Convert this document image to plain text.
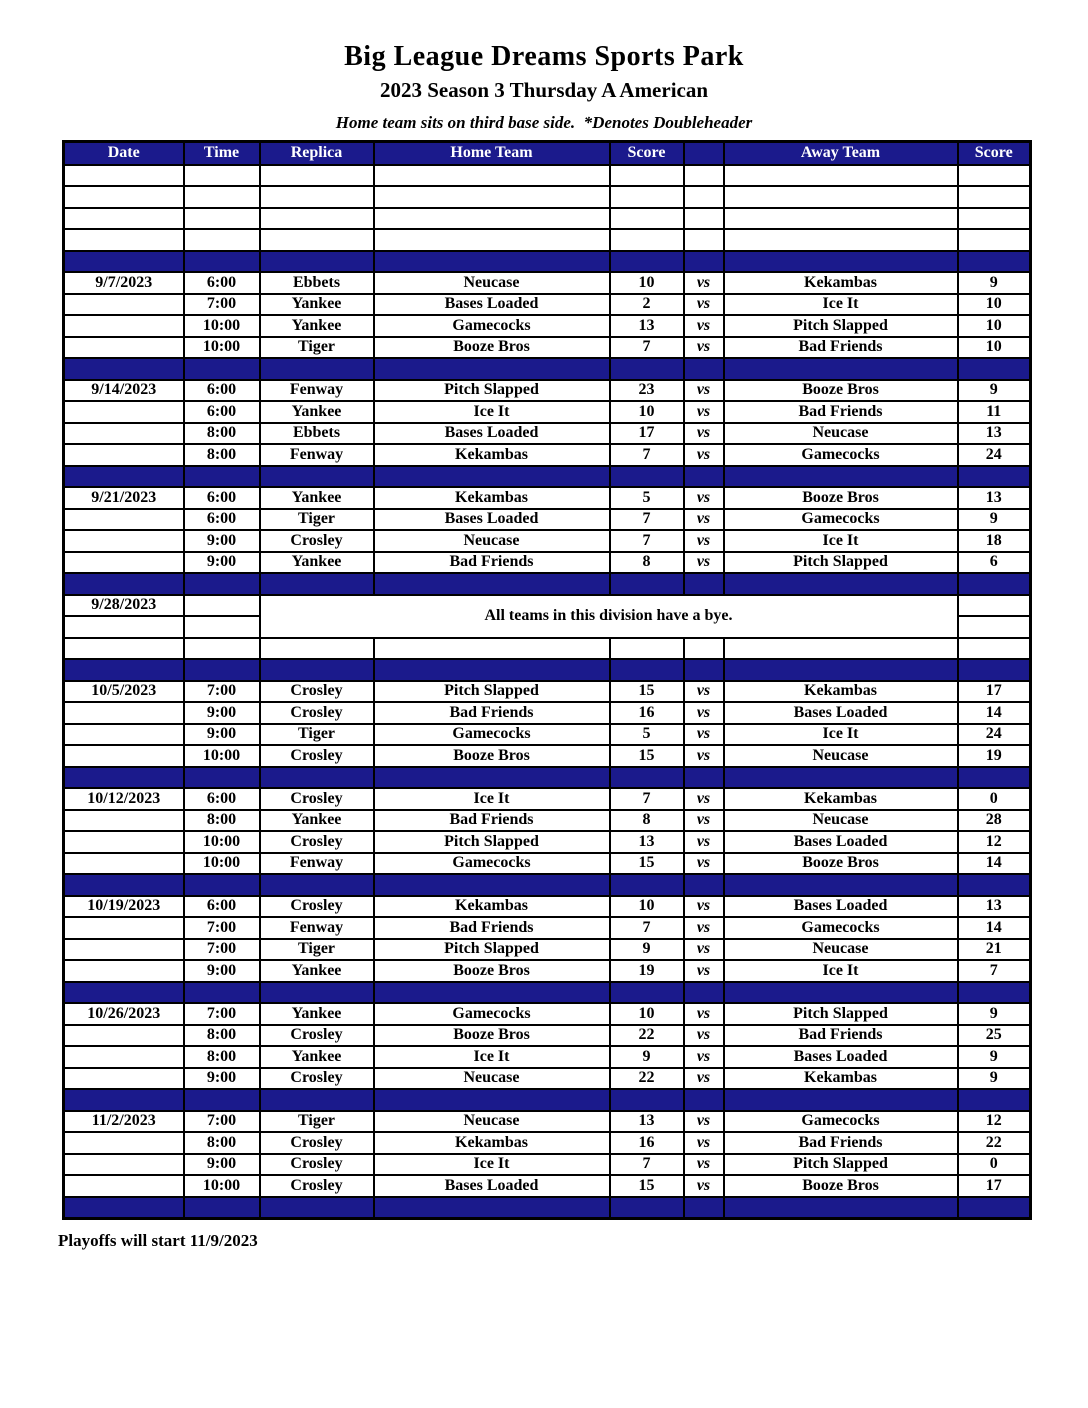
Big League Dreams Sports Park
2023 Season 3 Thursday A American
Home team sits on third base side.  *Denotes Doubleheader
Date	Time	Replica	Home Team	Score		Away Team	Score

9/7/2023	6:00	Ebbets	Neucase	10	vs	Kekambas	9
	7:00	Yankee	Bases Loaded	2	vs	Ice It	10
	10:00	Yankee	Gamecocks	13	vs	Pitch Slapped	10
	10:00	Tiger	Booze Bros	7	vs	Bad Friends	10

9/14/2023	6:00	Fenway	Pitch Slapped	23	vs	Booze Bros	9
	6:00	Yankee	Ice It	10	vs	Bad Friends	11
	8:00	Ebbets	Bases Loaded	17	vs	Neucase	13
	8:00	Fenway	Kekambas	7	vs	Gamecocks	24

9/21/2023	6:00	Yankee	Kekambas	5	vs	Booze Bros	13
	6:00	Tiger	Bases Loaded	7	vs	Gamecocks	9
	9:00	Crosley	Neucase	7	vs	Ice It	18
	9:00	Yankee	Bad Friends	8	vs	Pitch Slapped	6

9/28/2023		All teams in this division have a bye.					

10/5/2023	7:00	Crosley	Pitch Slapped	15	vs	Kekambas	17
	9:00	Crosley	Bad Friends	16	vs	Bases Loaded	14
	9:00	Tiger	Gamecocks	5	vs	Ice It	24
	10:00	Crosley	Booze Bros	15	vs	Neucase	19

10/12/2023	6:00	Crosley	Ice It	7	vs	Kekambas	0
	8:00	Yankee	Bad Friends	8	vs	Neucase	28
	10:00	Crosley	Pitch Slapped	13	vs	Bases Loaded	12
	10:00	Fenway	Gamecocks	15	vs	Booze Bros	14

10/19/2023	6:00	Crosley	Kekambas	10	vs	Bases Loaded	13
	7:00	Fenway	Bad Friends	7	vs	Gamecocks	14
	7:00	Tiger	Pitch Slapped	9	vs	Neucase	21
	9:00	Yankee	Booze Bros	19	vs	Ice It	7

10/26/2023	7:00	Yankee	Gamecocks	10	vs	Pitch Slapped	9
	8:00	Crosley	Booze Bros	22	vs	Bad Friends	25
	8:00	Yankee	Ice It	9	vs	Bases Loaded	9
	9:00	Crosley	Neucase	22	vs	Kekambas	9

11/2/2023	7:00	Tiger	Neucase	13	vs	Gamecocks	12
	8:00	Crosley	Kekambas	16	vs	Bad Friends	22
	9:00	Crosley	Ice It	7	vs	Pitch Slapped	0
	10:00	Crosley	Bases Loaded	15	vs	Booze Bros	17

Playoffs will start 11/9/2023
